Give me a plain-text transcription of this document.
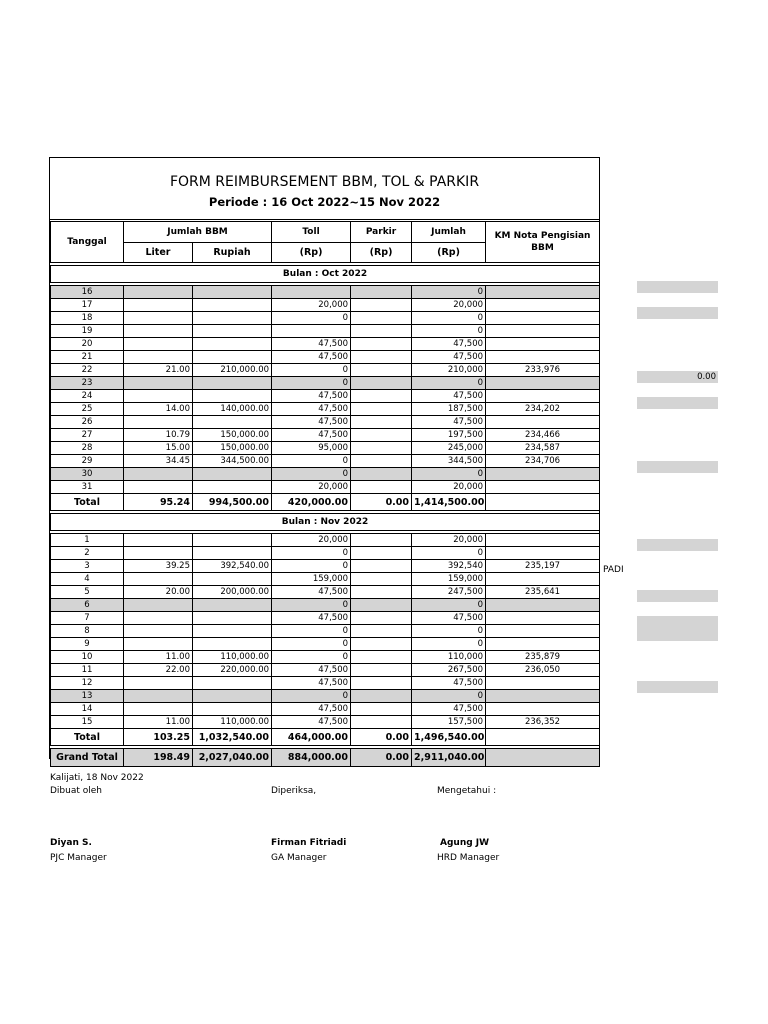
FORM REIMBURSEMENT BBM, TOL & PARKIR
Periode : 16 Oct 2022~15 Nov 2022
Tanggal	Jumlah BBM		Toll	Parkir	Jumlah	KM Nota Pengisian BBM
	Liter	Rupiah	(Rp)	(Rp)	(Rp)	

Bulan : Oct 2022						

16					0	
17			20,000		20,000	
18			0		0	
19					0	
20			47,500		47,500	
21			47,500		47,500	
22	21.00	210,000.00	0		210,000	233,976
23			0		0	
24			47,500		47,500	
25	14.00	140,000.00	47,500		187,500	234,202
26			47,500		47,500	
27	10.79	150,000.00	47,500		197,500	234,466
28	15.00	150,000.00	95,000		245,000	234,587
29	34.45	344,500.00	0		344,500	234,706
30			0		0	
31			20,000		20,000	
Total	95.24	994,500.00	420,000.00	0.00	1,414,500.00	

Bulan : Nov 2022						

1			20,000		20,000	
2			0		0	
3	39.25	392,540.00	0		392,540	235,197
4			159,000		159,000	
5	20.00	200,000.00	47,500		247,500	235,641
6			0		0	
7			47,500		47,500	
8			0		0	
9			0		0	
10	11.00	110,000.00	0		110,000	235,879
11	22.00	220,000.00	47,500		267,500	236,050
12			47,500		47,500	
13			0		0	
14			47,500		47,500	
15	11.00	110,000.00	47,500		157,500	236,352
Total	103.25	1,032,540.00	464,000.00	0.00	1,496,540.00	

Grand Total	198.49	2,027,040.00	884,000.00	0.00	2,911,040.00	
0.00
PADI
Kalijati, 18 Nov 2022
Dibuat oleh	Diperiksa,	Mengetahui :
Diyan S.
PJC Manager
Firman Fitriadi
GA Manager
Agung JW
HRD Manager
